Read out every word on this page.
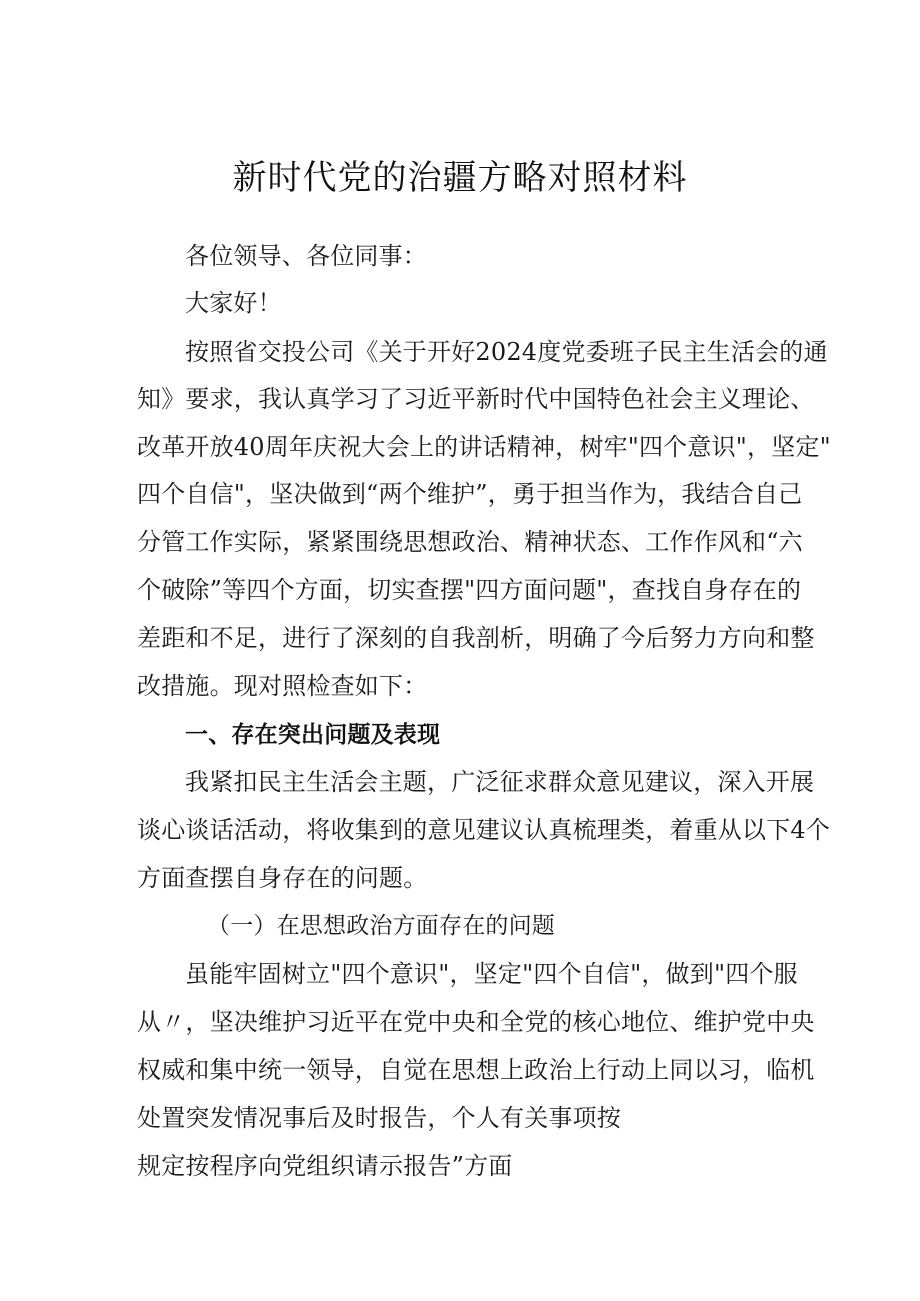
新时代党的治疆方略对照材料

各位领导、各位同事：

大家好！

按照省交投公司《关于开好2024度党委班子民主生活会的通

知》要求，我认真学习了习近平新时代中国特色社会主义理论、

改革开放40周年庆祝大会上的讲话精神，树牢"四个意识"，坚定"

四个自信"，坚决做到“两个维护”，勇于担当作为，我结合自己

分管工作实际，紧紧围绕思想政治、精神状态、工作作风和“六

个破除”等四个方面，切实查摆"四方面问题"，查找自身存在的

差距和不足，进行了深刻的自我剖析，明确了今后努力方向和整

改措施。现对照检查如下：

一、存在突出问题及表现

我紧扣民主生活会主题，广泛征求群众意见建议，深入开展

谈心谈话活动，将收集到的意见建议认真梳理类，着重从以下4个

方面查摆自身存在的问题。

（一）在思想政治方面存在的问题

虽能牢固树立"四个意识"，坚定"四个自信"，做到"四个服

从〃，坚决维护习近平在党中央和全党的核心地位、维护党中央

权威和集中统一领导，自觉在思想上政治上行动上同以习，临机

处置突发情况事后及时报告，个人有关事项按

规定按程序向党组织请示报告”方面
